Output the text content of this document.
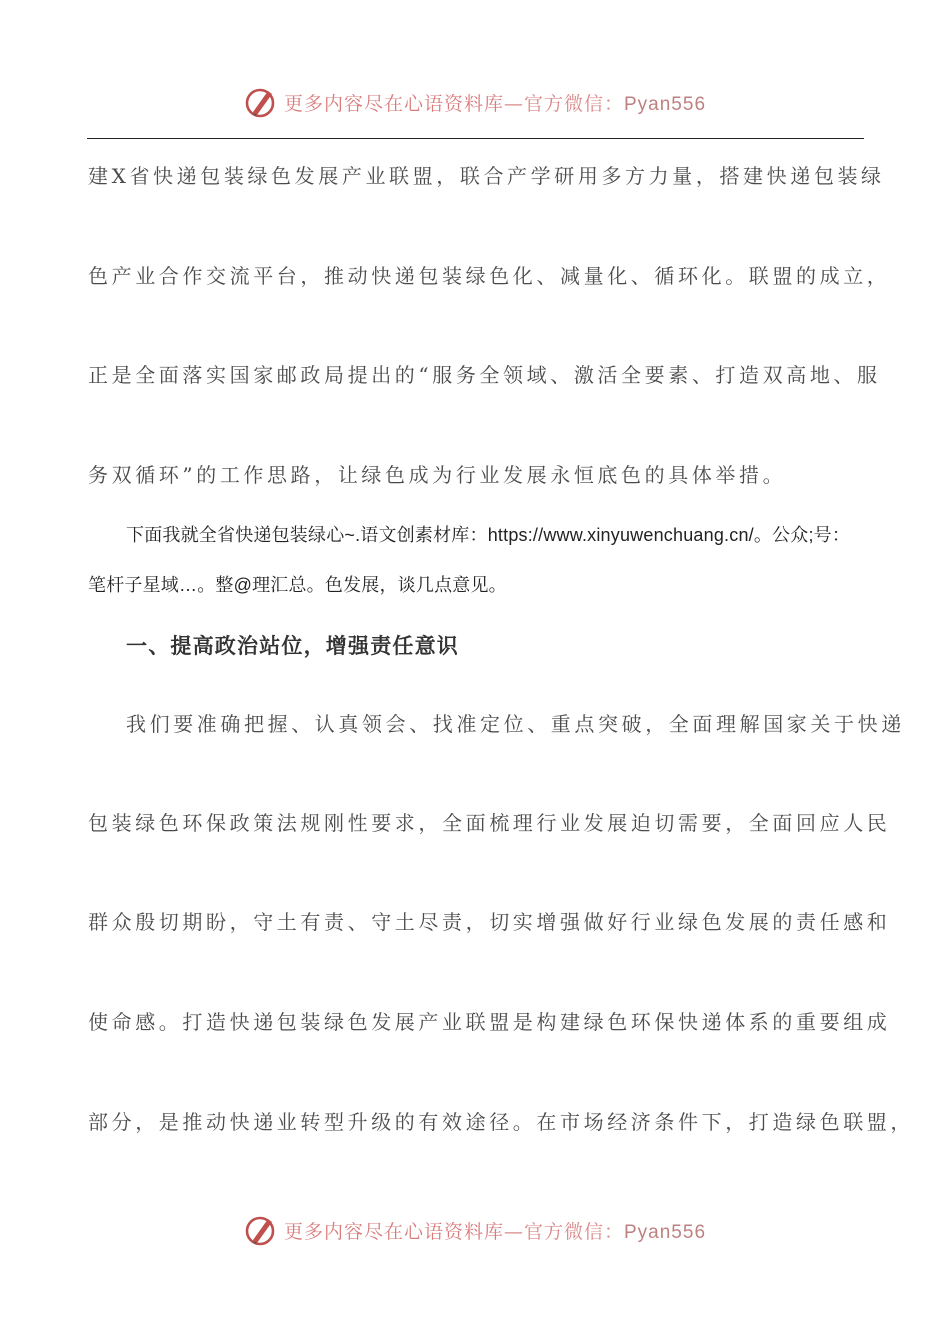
更多内容尽在心语资料库—官方微信：Pyan556
建X省快递包装绿色发展产业联盟，联合产学研用多方力量，搭建快递包装绿
色产业合作交流平台，推动快递包装绿色化、减量化、循环化。联盟的成立，
正是全面落实国家邮政局提出的“服务全领域、激活全要素、打造双高地、服
务双循环”的工作思路，让绿色成为行业发展永恒底色的具体举措。
下面我就全省快递包装绿心~.语文创素材库：https://www.xinyuwenchuang.cn/。公众;号：
笔杆子星域…。整@理汇总。色发展，谈几点意见。
一、提高政治站位，增强责任意识
我们要准确把握、认真领会、找准定位、重点突破，全面理解国家关于快递
包装绿色环保政策法规刚性要求，全面梳理行业发展迫切需要，全面回应人民
群众殷切期盼，守土有责、守土尽责，切实增强做好行业绿色发展的责任感和
使命感。打造快递包装绿色发展产业联盟是构建绿色环保快递体系的重要组成
部分，是推动快递业转型升级的有效途径。在市场经济条件下，打造绿色联盟，
更多内容尽在心语资料库—官方微信：Pyan556
